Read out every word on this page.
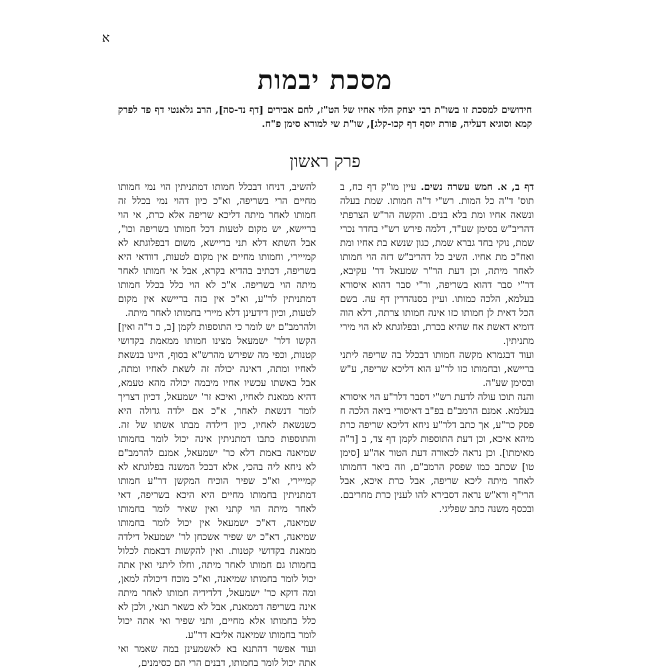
א
מסכת יבמות
חידושים למסכת זו בשו"ת רבי יצחק הלוי אחיו של הט"ז, לחם אבירים [דף נד-סה], הרב גלאנטי דף פד לפרק קמא וסוגיא דעליה, פורת יוסף דף קכו-קלג], שו"ת שי למורא סימן פ"ח.
פרק ראשון

דף ב, א. חמש עשרה נשים. עיין מו"ק דף כח, ב תוס' ד"ה כל המות. רש"י ד"ה חמותו. שמת בעלה ונשאה אחיו ומת בלא בנים. והקשה הר"ש הצרפתי דהריב"ש בסימן שע"ד, דלמה פירש רש"י בחדר נכרי שמת, נוקי בחד גברא שמת, כגון שנשא בת אחיו ומת ואח"כ מת אחיו. השיב כל דהריב"ש דזה הוי חמותו לאחר מיתה, וכן דעת הר"ר שמעאל דר' עקיבא, דר"י סבר דהוא בשריפה, ור"י סבר דהוא איסורא בעלמא, הלכה כמותו. ועיין בסנהדרין דף עה. בשם הכל דאית לן חמותו כזו אינה חמותו צרתה, דלא הוה דומיא דאשת אח שהיא בכרת, ובפלוגתא לא הוי מירי מתניתין.

ועוד דבגמרא מקשה חמותו דבכלל בה שריפה ליתני בריישא, ובחמותו כזו לר"ע הוא דליכא שריפה, ע"ש ובסימן שע"ה.

והנה תוכו עולה לדעת רש"י דסבר דלר"ע הוי איסורא בעלמא. אמנם הרמב"ם בפ"ב דאיסורי ביאה הלכה ח פסק כר"ע, אך כתב דלר"ע ניחא דליכא שריפה כרת מיהא איכא, וכן דעת התוספות לקמן דף צד, ב [ד"ה מאימתו]. וכן נראה לכאורה דעת הטור אה"ע [סימן טו] שכתב כמו שפסק הרמב"ם, וזה ביאר דחמותו לאחר מיתה ליכא שריפה, אבל כרת איכא, אבל הרי"ף ורא"ש נראה דסבירא להו לענין כרת מחריבם. ובכסף משנה כתב שפליגי.

להשיב, דניחו דבכלל חמותו דמתניתין הוי נמי חמותו מחיים הרי בשריפה, וא"כ כיון דהוי נמי בכלל זה חמותו לאחר מיתה דליכא שריפה אלא כרת, אי הוי בריישא, יש מקום לטעות דכל חמותו בשריפה וכו", אבל השתא דלא תני בריישא, משום דבפלוגתא לא קמייירי, וחמותו מחיים אין מקום לטעות, דוודאי היא בשריפה, דכתיב בהדיא בקרא, אבל אי חמותו לאחר מיתה הוי בשריפה. א"כ לא הוי כלל בכלל חמותו דמתניתין לר"ע, וא"כ אין בזה בריישא אין מקום לטעות, וכיון דידעינן דלא מיירי בחמותו לאחר מיתה.

ולהרמב"ם יש לומר כי התוספות לקמן [ב, כ ד"ה ואין] הקשו דלר' ישמעאל מצינו חמותו ממאמת בקדושי קטנות, וכפי מה שפירש מהרש"א בסוף, היינו בנשאת לאחיו ומתה, דאינה יכולה זה לשאת לאחיו ומתה, אבל באשתו עכשיו אחיו מיבמה יכולה מהא טעמא, דהיא ממאנת לאחיו, ואיכא זר' ישמעאל, דכיון דצריך לומר דנשאת לאחר, א"כ אם ילדה גדולה היא כשנשאת לאחיו, כיון דילדה מבתו אשתו של זה. והתוספות כתבו דמתניתין אינה יכול לומר בחמותו שמיאנה באמת דלא כר' ישמעאל, אמנם להרמב"ם לא ניחא ליה בהכי, אלא דבכל המשנה בפלוגתא לא קמייירי, וא"כ שפיר הוכיח המקשן דר"ע חמותו דמתניתין בחמותו מחיים היא היכא בשריפה, דאי לאחר מיתה הוי קתני ואין שאיר לומר בחמותו שמיאנה, דא"כ ישמעאל אין יכול לומר בחמותו שמיאנה, דא"כ יש שפיר אשכחן לר' ישמעאל דילדה ממאנת בקדושי קטנות. ואין להקשות דבאמת לכלול בחמותו גם חמותו לאחר מיתה, וחלו ליתני ואין אתה יכול לומר בחמותו שמיאנה, וא"כ מוכח דיכולה למאן, ומה דוקא כר' ישמעאל, דלדידיה חמותו לאחר מיתה אינה בשריפה דממאנת, אבל לא כשאר תנאי, ולכן לא כלל בחמותו אלא מחיים, ותני שפיר ואי אתה יכול לומר בחמותו שמיאנה אליבא דר"ע.

ועוד אפשר דהתנא בא לאשמעינן במה שאמר ואי אתה יכול לומר בחמותו, דבנים הרי הם כסימנים,
